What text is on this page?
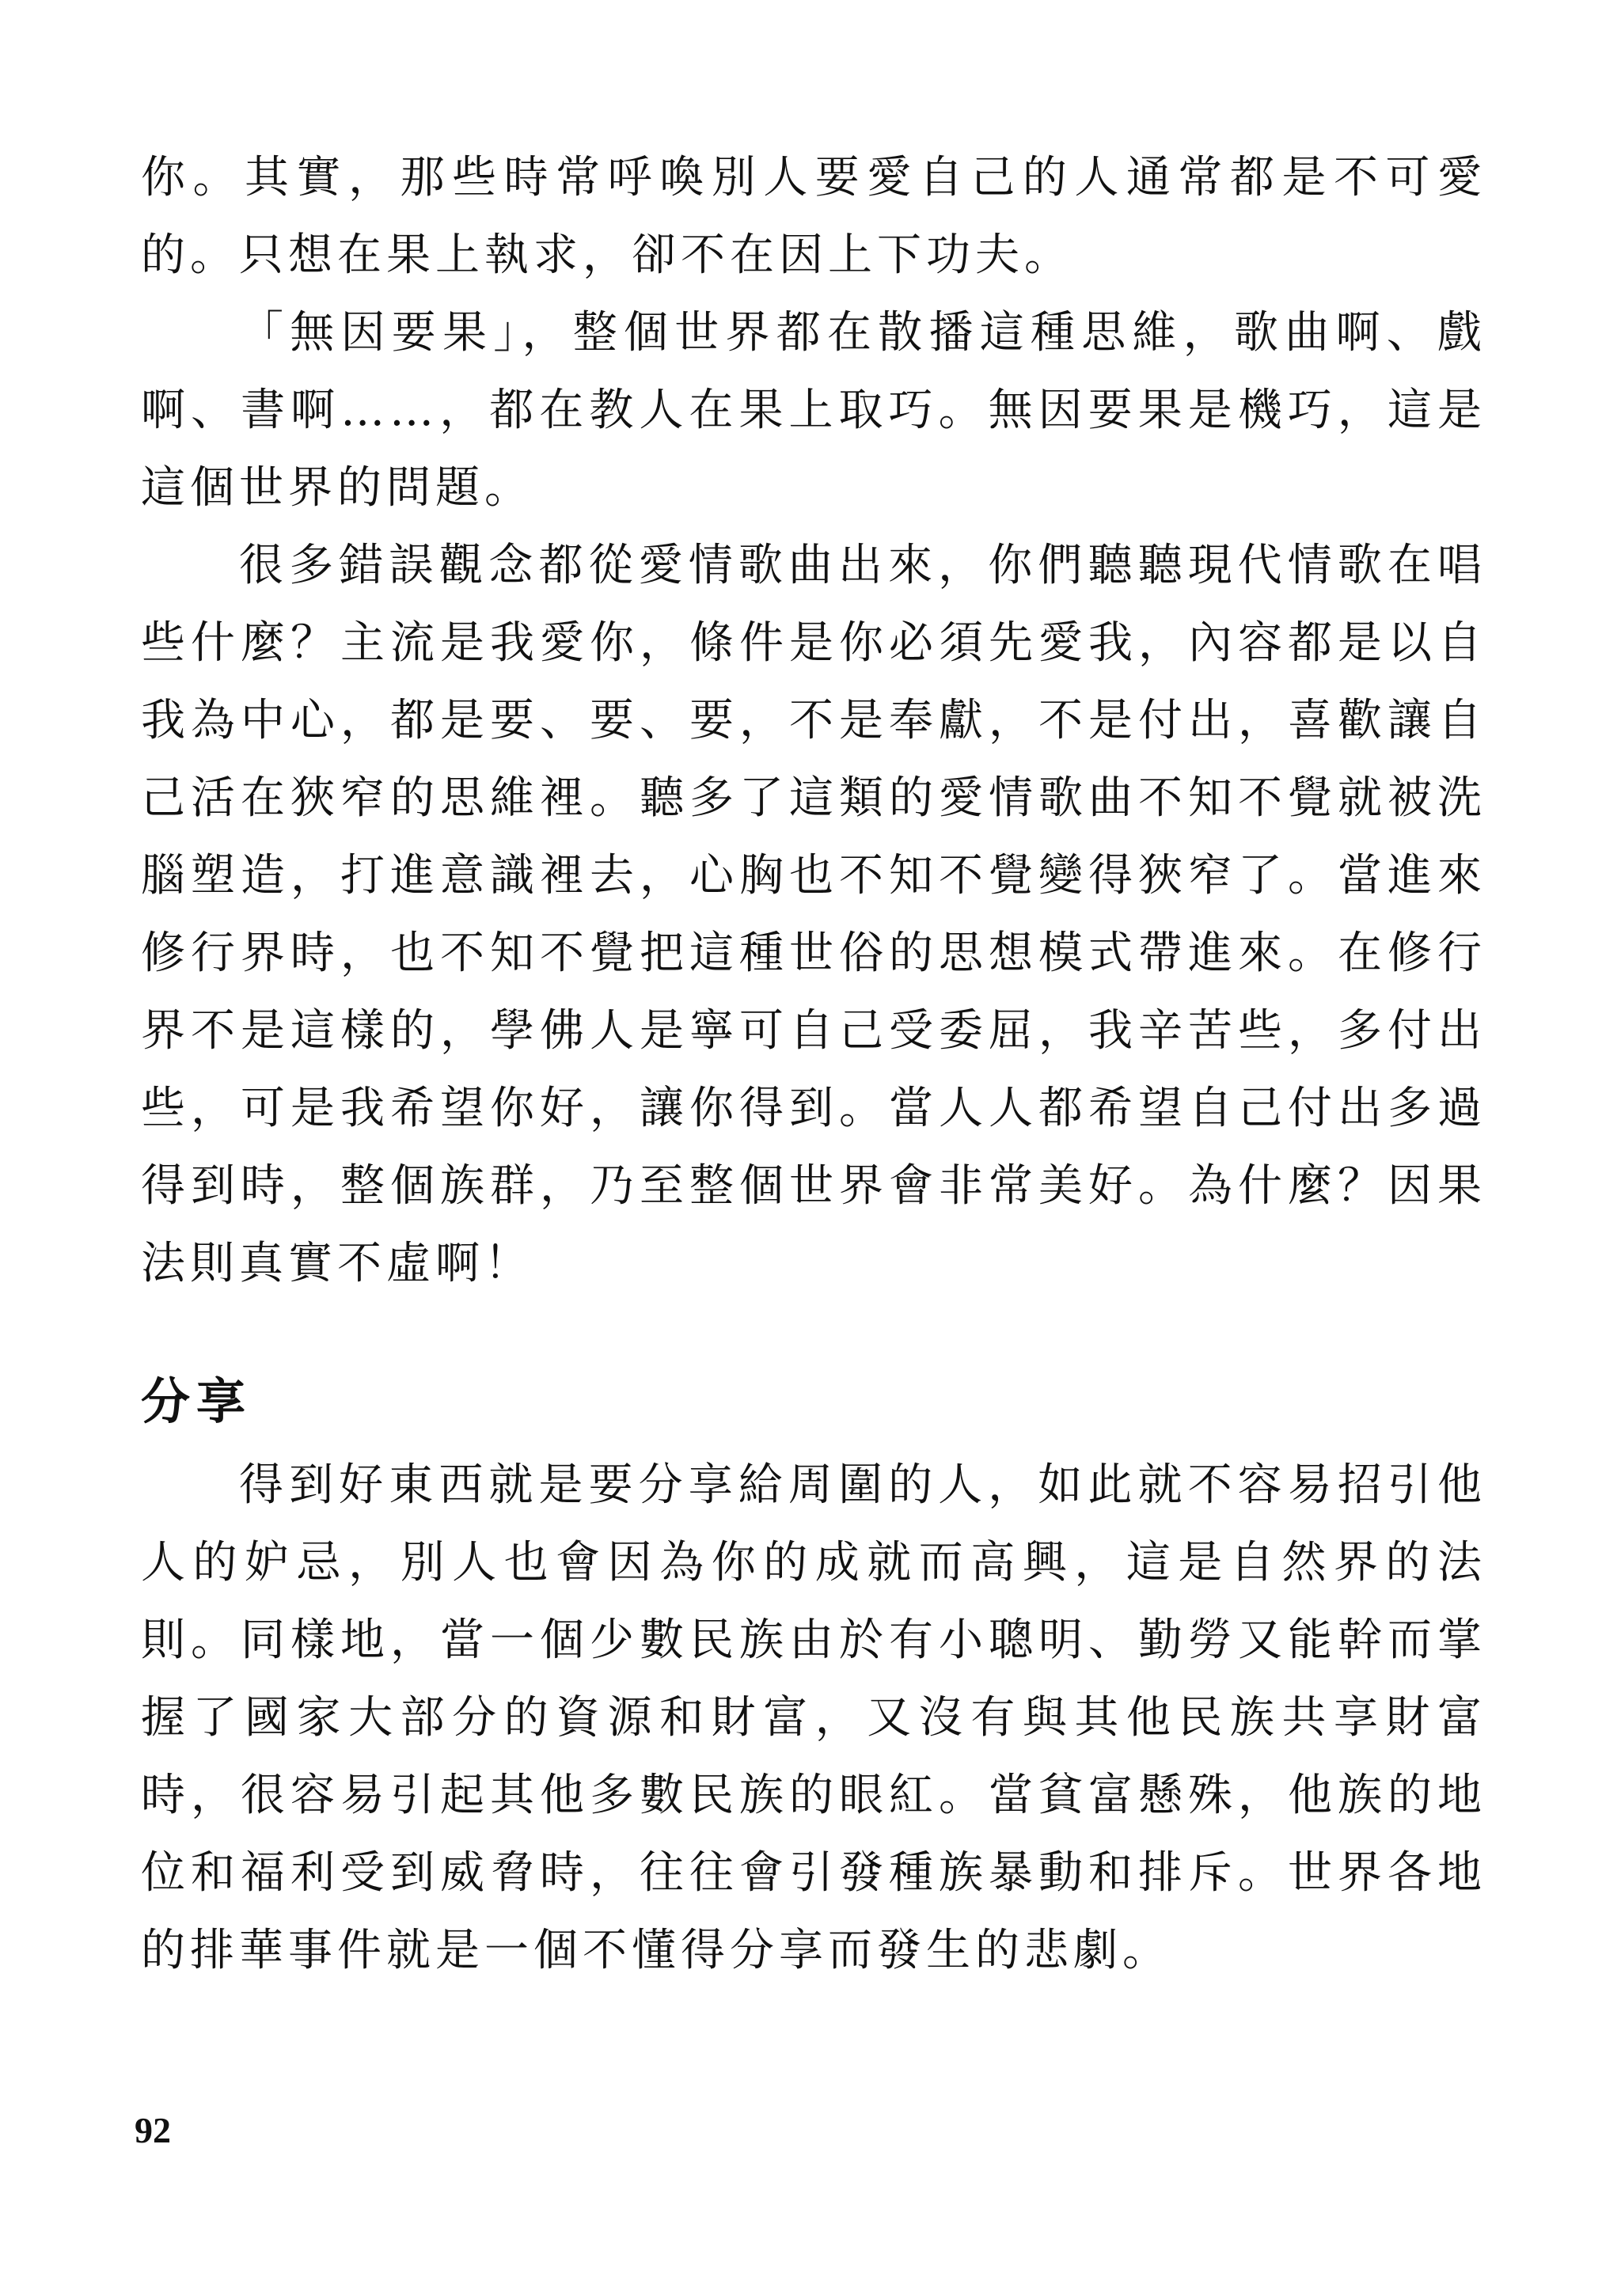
你。其實，那些時常呼喚別人要愛自己的人通常都是不可愛的。只想在果上執求，卻不在因上下功夫。

「無因要果」，整個世界都在散播這種思維，歌曲啊、戲啊、書啊……，都在教人在果上取巧。無因要果是機巧，這是這個世界的問題。

很多錯誤觀念都從愛情歌曲出來，你們聽聽現代情歌在唱些什麼？主流是我愛你，條件是你必須先愛我，內容都是以自我為中心，都是要、要、要，不是奉獻，不是付出，喜歡讓自己活在狹窄的思維裡。聽多了這類的愛情歌曲不知不覺就被洗腦塑造，打進意識裡去，心胸也不知不覺變得狹窄了。當進來修行界時，也不知不覺把這種世俗的思想模式帶進來。在修行界不是這樣的，學佛人是寧可自己受委屈，我辛苦些，多付出些，可是我希望你好，讓你得到。當人人都希望自己付出多過得到時，整個族群，乃至整個世界會非常美好。為什麼？因果法則真實不虛啊！

分享

得到好東西就是要分享給周圍的人，如此就不容易招引他人的妒忌，別人也會因為你的成就而高興，這是自然界的法則。同樣地，當一個少數民族由於有小聰明、勤勞又能幹而掌握了國家大部分的資源和財富，又沒有與其他民族共享財富時，很容易引起其他多數民族的眼紅。當貧富懸殊，他族的地位和福利受到威脅時，往往會引發種族暴動和排斥。世界各地的排華事件就是一個不懂得分享而發生的悲劇。

92
